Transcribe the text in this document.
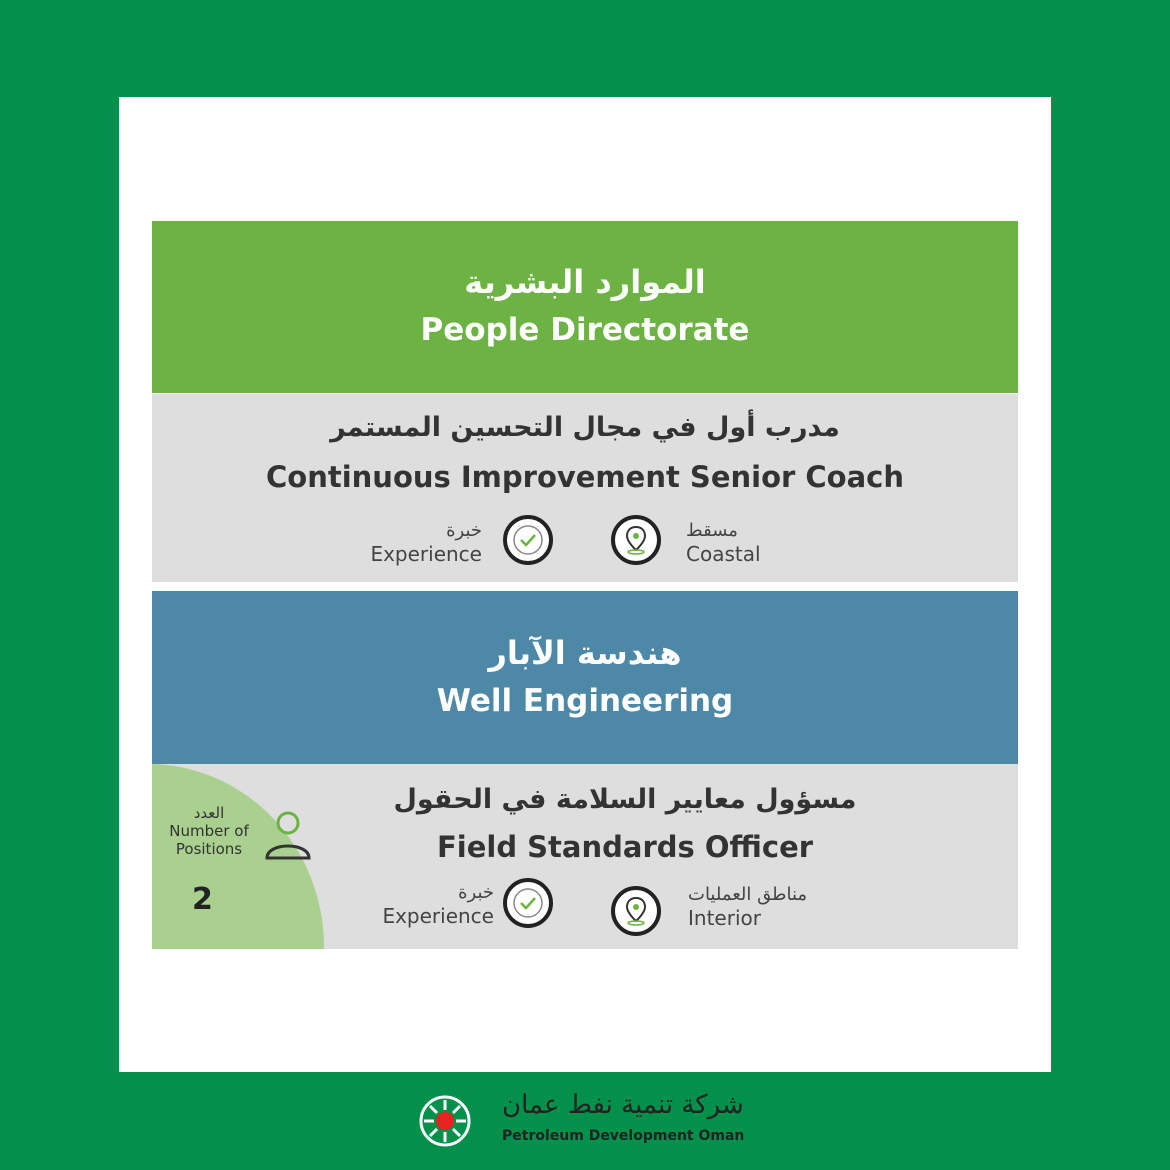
الموارد البشرية
People Directorate
مدرب أول في مجال التحسين المستمر
Continuous Improvement Senior Coach
خبرة
Experience
مسقط
Coastal
هندسة الآبار
Well Engineering
العدد
Number of Positions
2
مسؤول معايير السلامة في الحقول
Field Standards Officer
خبرة
Experience
مناطق العمليات
Interior
شركة تنمية نفط عمان
Petroleum Development Oman
